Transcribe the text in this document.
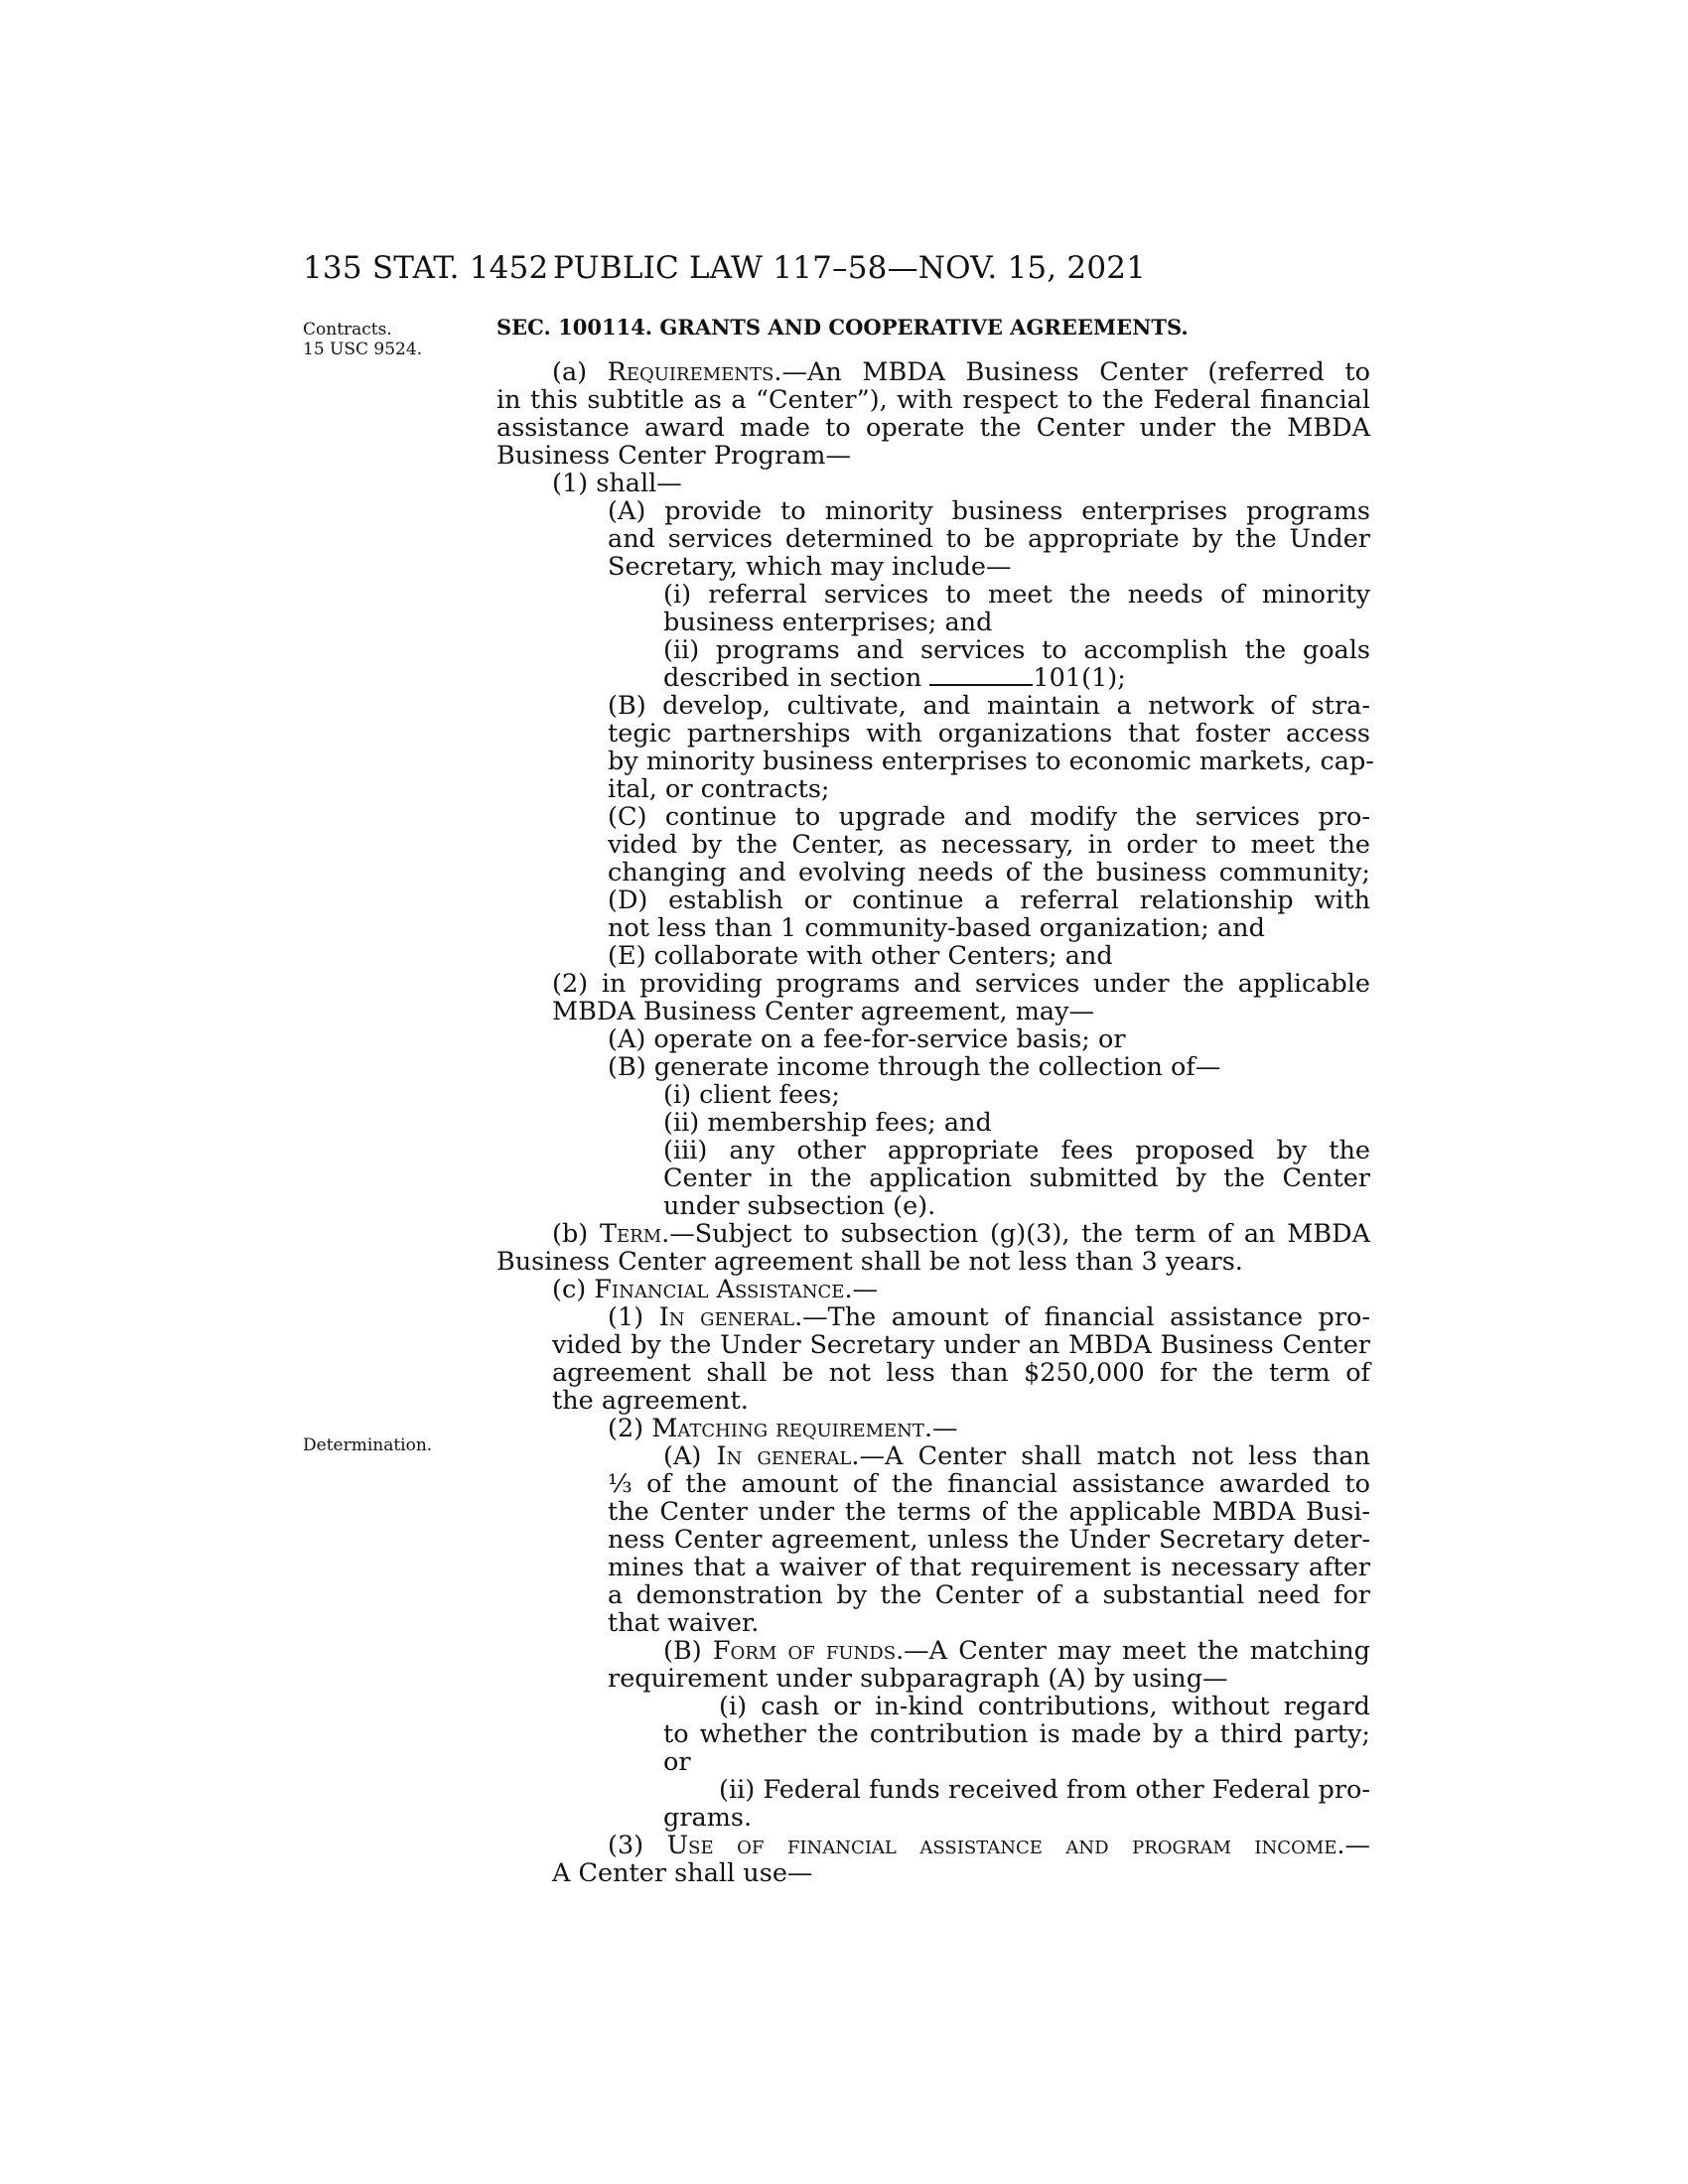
135 STAT. 1452 PUBLIC LAW 117–58—NOV. 15, 2021
Contracts.
15 USC 9524.
Determination.
SEC. 100114. GRANTS AND COOPERATIVE AGREEMENTS.
(a) Requirements.—An MBDA Business Center (referred to
in this subtitle as a “Center”), with respect to the Federal financial
assistance award made to operate the Center under the MBDA
Business Center Program—
(1) shall—
(A) provide to minority business enterprises programs
and services determined to be appropriate by the Under
Secretary, which may include—
(i) referral services to meet the needs of minority
business enterprises; and
(ii) programs and services to accomplish the goals
described in section	101(1);
(B) develop, cultivate, and maintain a network of stra-
tegic partnerships with organizations that foster access
by minority business enterprises to economic markets, cap-
ital, or contracts;
(C) continue to upgrade and modify the services pro-
vided by the Center, as necessary, in order to meet the
changing and evolving needs of the business community;
(D) establish or continue a referral relationship with
not less than 1 community-based organization; and
(E) collaborate with other Centers; and
(2) in providing programs and services under the applicable
MBDA Business Center agreement, may—
(A) operate on a fee-for-service basis; or
(B) generate income through the collection of—
(i) client fees;
(ii) membership fees; and
(iii) any other appropriate fees proposed by the
Center in the application submitted by the Center
under subsection (e).
(b) Term.—Subject to subsection (g)(3), the term of an MBDA
Business Center agreement shall be not less than 3 years.
(c) Financial Assistance.—
(1) In general.—The amount of financial assistance pro-
vided by the Under Secretary under an MBDA Business Center
agreement shall be not less than $250,000 for the term of
the agreement.
(2) Matching requirement.—
(A) In general.—A Center shall match not less than
⅓ of the amount of the financial assistance awarded to
the Center under the terms of the applicable MBDA Busi-
ness Center agreement, unless the Under Secretary deter-
mines that a waiver of that requirement is necessary after
a demonstration by the Center of a substantial need for
that waiver.
(B) Form of funds.—A Center may meet the matching
requirement under subparagraph (A) by using—
(i) cash or in-kind contributions, without regard
to whether the contribution is made by a third party;
or
(ii) Federal funds received from other Federal pro-
grams.
(3) Use of financial assistance and program income.—
A Center shall use—
